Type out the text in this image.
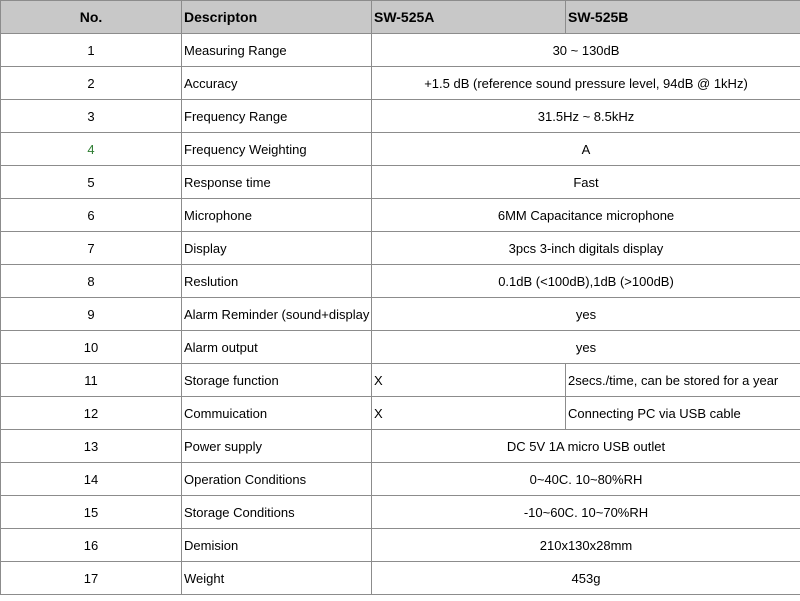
No.	Descripton	SW-525A	SW-525B
1	Measuring Range	30 ~ 130dB	
2	Accuracy	+1.5 dB (reference sound pressure level, 94dB @ 1kHz)	
3	Frequency Range	31.5Hz ~ 8.5kHz	
4	Frequency Weighting	A	
5	Response time	Fast	
6	Microphone	6MM Capacitance microphone	
7	Display	3pcs 3-inch digitals display	
8	Reslution	0.1dB (<100dB),1dB (>100dB)	
9	Alarm Reminder (sound+display	yes	
10	Alarm output	yes	
11	Storage function	X	2secs./time, can be stored for a year
12	Commuication	X	Connecting PC via USB cable
13	Power supply	DC 5V 1A micro USB outlet	
14	Operation Conditions	0~40C. 10~80%RH	
15	Storage Conditions	-10~60C. 10~70%RH	
16	Demision	210x130x28mm	
17	Weight	453g	
